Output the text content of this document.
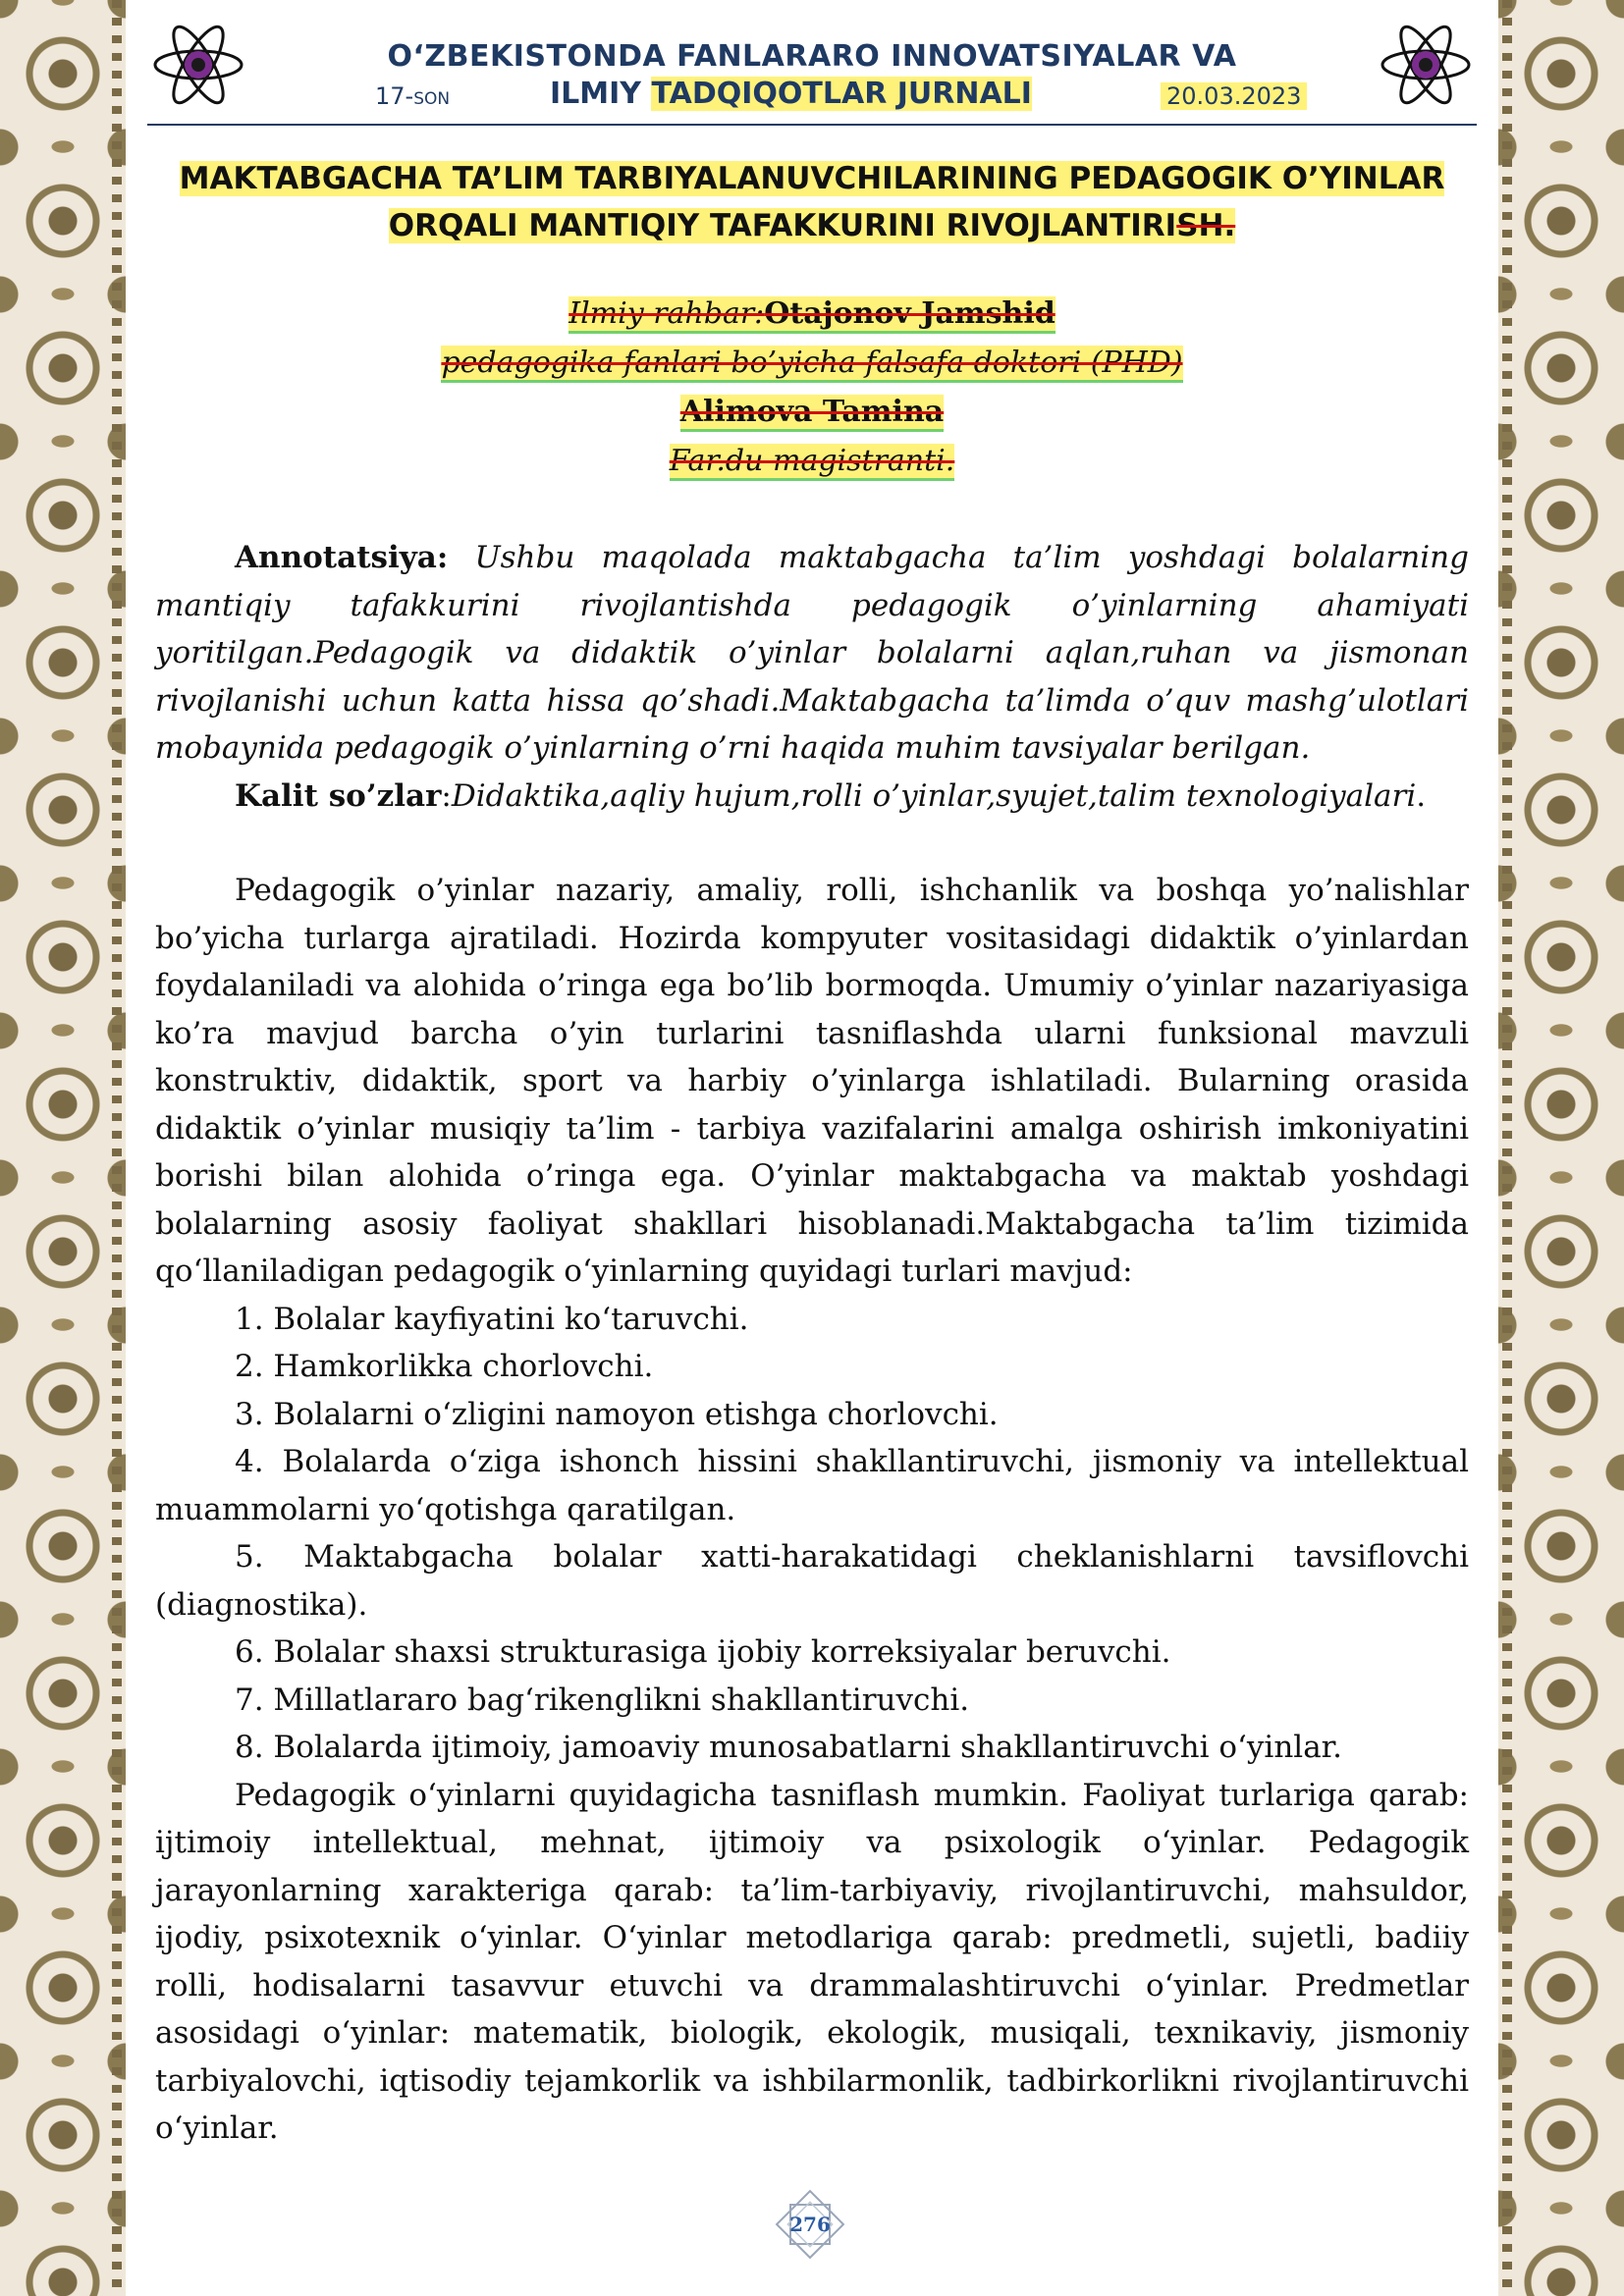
O‘ZBEKISTONDA FANLARARO INNOVATSIYALAR VA
17-SON	ILMIY TADQIQOTLAR JURNALI	20.03.2023
MAKTABGACHA TA’LIM TARBIYALANUVCHILARINING PEDAGOGIK O’YINLAR
ORQALI MANTIQIY TAFAKKURINI RIVOJLANTIRISH.
Ilmiy rahbar:Otajonov Jamshid
pedagogika fanlari bo’yicha falsafa doktori (PHD)
Alimova Tamina
Far.du magistranti.

Annotatsiya: Ushbu maqolada maktabgacha ta’lim yoshdagi bolalarning mantiqiy tafakkurini rivojlantishda pedagogik o’yinlarning ahamiyati yoritilgan.Pedagogik va didaktik o’yinlar bolalarni aqlan,ruhan va jismonan rivojlanishi uchun katta hissa qo’shadi.Maktabgacha ta’limda o’quv mashg’ulotlari mobaynida pedagogik o’yinlarning o’rni haqida muhim tavsiyalar berilgan.

Kalit so’zlar:Didaktika,aqliy hujum,rolli o’yinlar,syujet,talim texnologiyalari.

Pedagogik o’yinlar nazariy, amaliy, rolli, ishchanlik va boshqa yo’nalishlar bo’yicha turlarga ajratiladi. Hozirda kompyuter vositasidagi didaktik o’yinlardan foydalaniladi va alohida o’ringa ega bo’lib bormoqda. Umumiy o’yinlar nazariyasiga ko’ra mavjud barcha o’yin turlarini tasniflashda ularni funksional mavzuli konstruktiv, didaktik, sport va harbiy o’yinlarga ishlatiladi. Bularning orasida didaktik o’yinlar musiqiy ta’lim - tarbiya vazifalarini amalga oshirish imkoniyatini borishi bilan alohida o’ringa ega. O’yinlar maktabgacha va maktab yoshdagi bolalarning asosiy faoliyat shakllari hisoblanadi.Maktabgacha ta’lim tizimida qo‘llaniladigan pedagogik o‘yinlarning quyidagi turlari mavjud:

1. Bolalar kayfiyatini ko‘taruvchi.

2. Hamkorlikka chorlovchi.

3. Bolalarni o‘zligini namoyon etishga chorlovchi.

4. Bolalarda o‘ziga ishonch hissini shakllantiruvchi, jismoniy va intellektual muammolarni yo‘qotishga qaratilgan.

5. Maktabgacha bolalar xatti-harakatidagi cheklanishlarni tavsiflovchi (diagnostika).

6. Bolalar shaxsi strukturasiga ijobiy korreksiyalar beruvchi.

7. Millatlararo bag‘rikenglikni shakllantiruvchi.

8. Bolalarda ijtimoiy, jamoaviy munosabatlarni shakllantiruvchi o‘yinlar.

Pedagogik o‘yinlarni quyidagicha tasniflash mumkin. Faoliyat turlariga qarab: ijtimoiy intellektual, mehnat, ijtimoiy va psixologik o‘yinlar. Pedagogik jarayonlarning xarakteriga qarab: ta’lim-tarbiyaviy, rivojlantiruvchi, mahsuldor, ijodiy, psixotexnik o‘yinlar. O‘yinlar metodlariga qarab: predmetli, sujetli, badiiy rolli, hodisalarni tasavvur etuvchi va drammalashtiruvchi o‘yinlar. Predmetlar asosidagi o‘yinlar: matematik, biologik, ekologik, musiqali, texnikaviy, jismoniy tarbiyalovchi, iqtisodiy tejamkorlik va ishbilarmonlik, tadbirkorlikni rivojlantiruvchi o‘yinlar.

276
